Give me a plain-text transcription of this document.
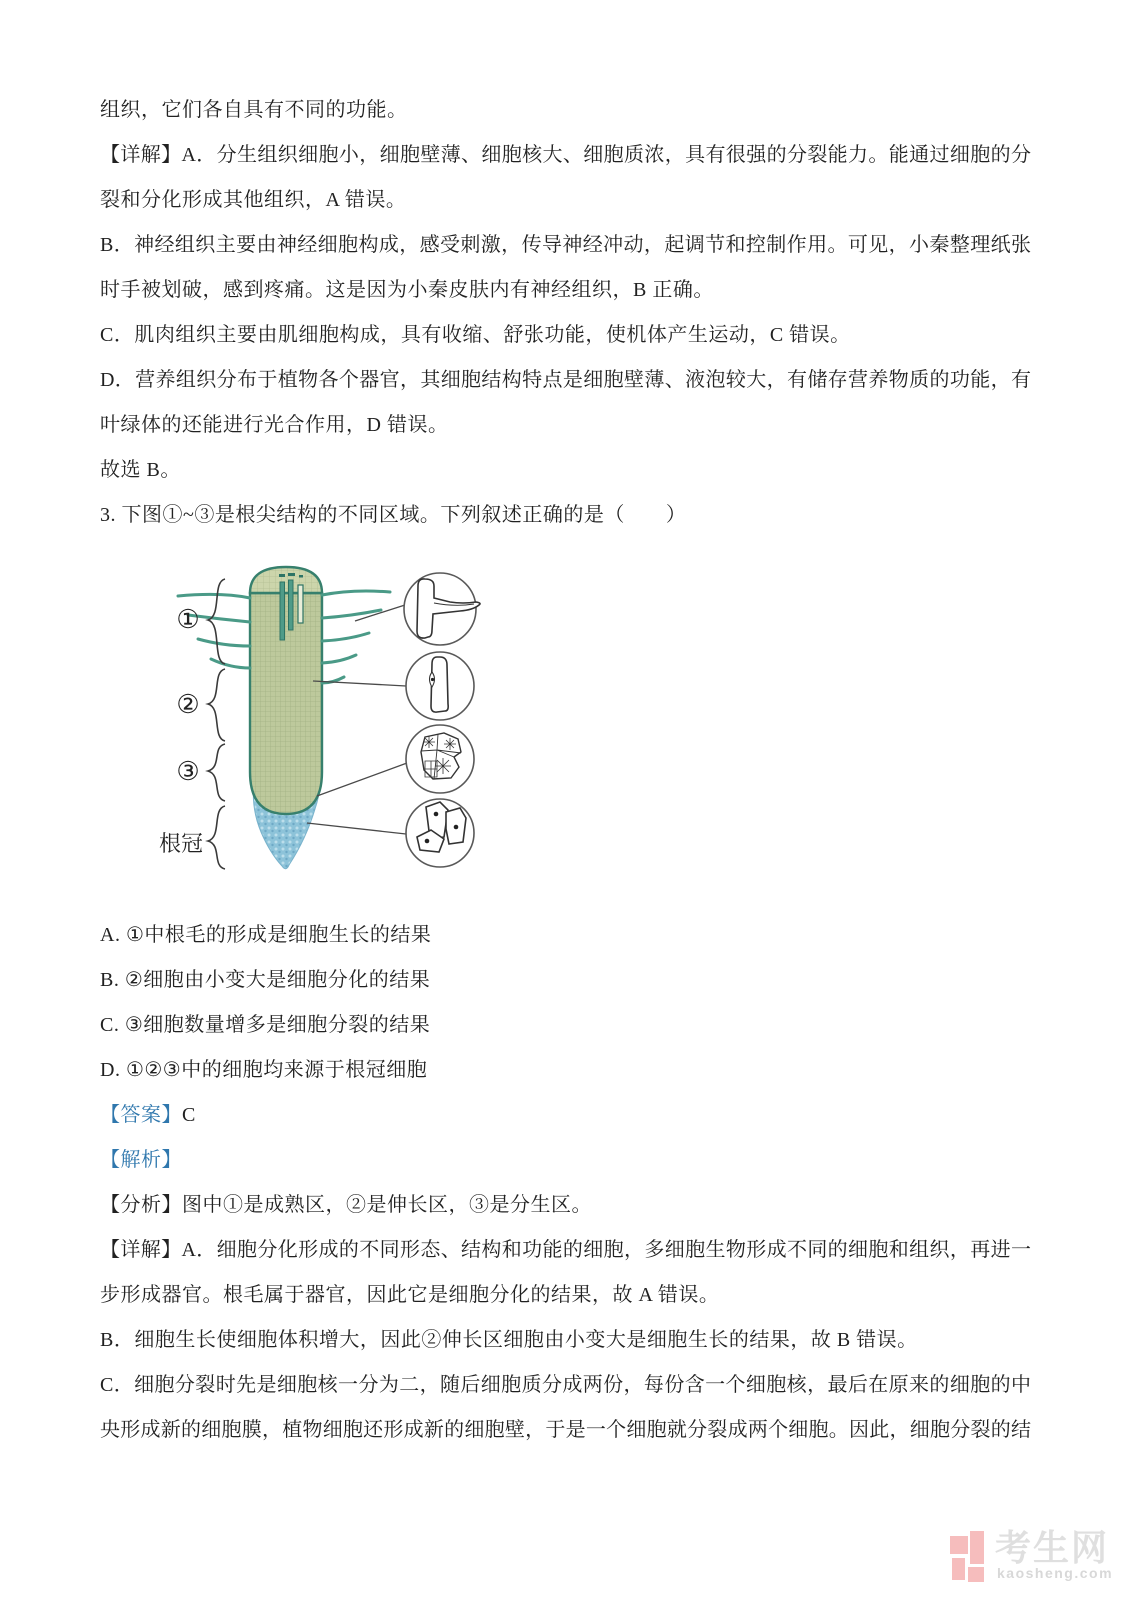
组织，它们各自具有不同的功能。
【详解】A．分生组织细胞小，细胞壁薄、细胞核大、细胞质浓，具有很强的分裂能力。能通过细胞的分
裂和分化形成其他组织，A 错误。
B．神经组织主要由神经细胞构成，感受刺激，传导神经冲动，起调节和控制作用。可见，小秦整理纸张
时手被划破，感到疼痛。这是因为小秦皮肤内有神经组织，B 正确。
C．肌肉组织主要由肌细胞构成，具有收缩、舒张功能，使机体产生运动，C 错误。
D．营养组织分布于植物各个器官，其细胞结构特点是细胞壁薄、液泡较大，有储存营养物质的功能，有
叶绿体的还能进行光合作用，D 错误。
故选 B。
3. 下图①~③是根尖结构的不同区域。下列叙述正确的是（　　）
①
②
③
根冠
A. ①中根毛的形成是细胞生长的结果
B. ②细胞由小变大是细胞分化的结果
C. ③细胞数量增多是细胞分裂的结果
D. ①②③中的细胞均来源于根冠细胞
【答案】C
【解析】
【分析】图中①是成熟区，②是伸长区，③是分生区。
【详解】A．细胞分化形成的不同形态、结构和功能的细胞，多细胞生物形成不同的细胞和组织，再进一
步形成器官。根毛属于器官，因此它是细胞分化的结果，故 A 错误。
B．细胞生长使细胞体积增大，因此②伸长区细胞由小变大是细胞生长的结果，故 B 错误。
C．细胞分裂时先是细胞核一分为二，随后细胞质分成两份，每份含一个细胞核，最后在原来的细胞的中
央形成新的细胞膜，植物细胞还形成新的细胞壁，于是一个细胞就分裂成两个细胞。因此，细胞分裂的结
考生网
kaosheng.com
